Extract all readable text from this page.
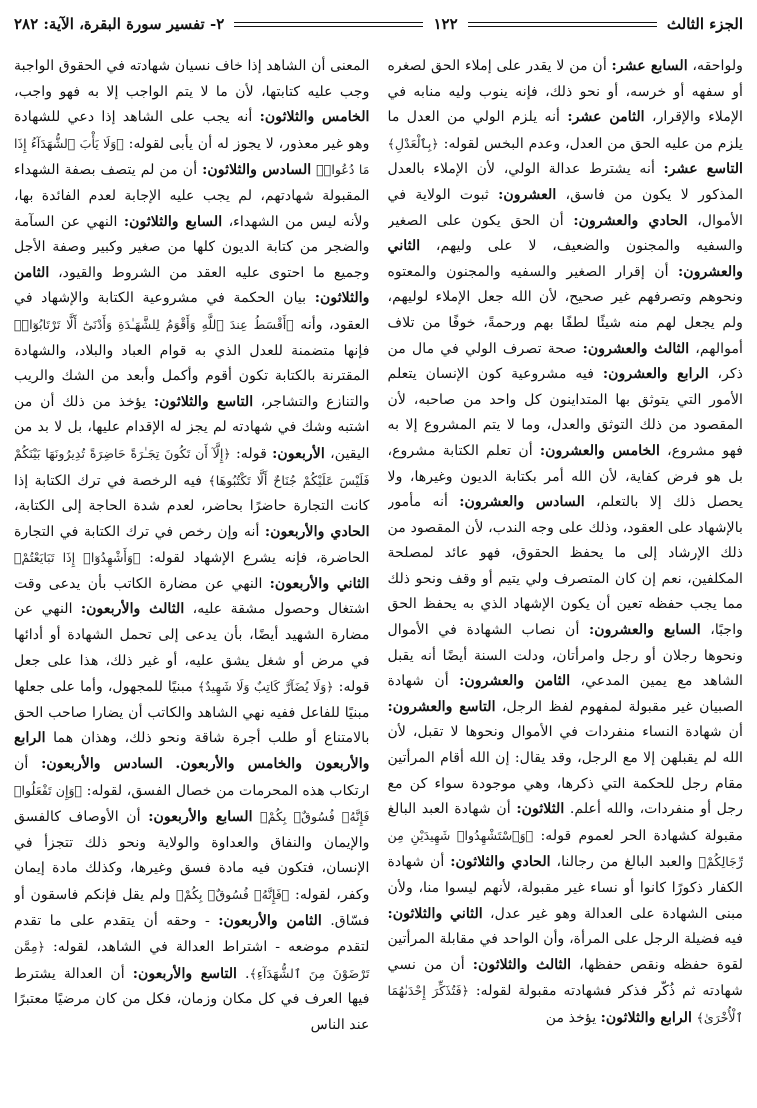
الجزء الثالث
١٢٢
٢- تفسير سورة البقرة، الآية: ٢٨٢

ولواحقه، السابع عشر: أن من لا يقدر على إملاء الحق لصغره أو سفهه أو خرسه، أو نحو ذلك، فإنه ينوب وليه منابه في الإملاء والإقرار، الثامن عشر: أنه يلزم الولي من العدل ما يلزم من عليه الحق من العدل، وعدم البخس لقوله: ﴿بِٱلْعَدْلِ﴾ التاسع عشر: أنه يشترط عدالة الولي، لأن الإملاء بالعدل المذكور لا يكون من فاسق، العشرون: ثبوت الولاية في الأموال، الحادي والعشرون: أن الحق يكون على الصغير والسفيه والمجنون والضعيف، لا على وليهم، الثاني والعشرون: أن إقرار الصغير والسفيه والمجنون والمعتوه ونحوهم وتصرفهم غير صحيح، لأن الله جعل الإملاء لوليهم، ولم يجعل لهم منه شيئًا لطفًا بهم ورحمةً، خوفًا من تلاف أموالهم، الثالث والعشرون: صحة تصرف الولي في مال من ذكر، الرابع والعشرون: فيه مشروعية كون الإنسان يتعلم الأمور التي يتوثق بها المتداينون كل واحد من صاحبه، لأن المقصود من ذلك التوثق والعدل، وما لا يتم المشروع إلا به فهو مشروع، الخامس والعشرون: أن تعلم الكتابة مشروع، بل هو فرض كفاية، لأن الله أمر بكتابة الديون وغيرها، ولا يحصل ذلك إلا بالتعلم، السادس والعشرون: أنه مأمور بالإشهاد على العقود، وذلك على وجه الندب، لأن المقصود من ذلك الإرشاد إلى ما يحفظ الحقوق، فهو عائد لمصلحة المكلفين، نعم إن كان المتصرف ولي يتيم أو وقف ونحو ذلك مما يجب حفظه تعين أن يكون الإشهاد الذي به يحفظ الحق واجبًا، السابع والعشرون: أن نصاب الشهادة في الأموال ونحوها رجلان أو رجل وامرأتان، ودلت السنة أيضًا أنه يقبل الشاهد مع يمين المدعي، الثامن والعشرون: أن شهادة الصبيان غير مقبولة لمفهوم لفظ الرجل، التاسع والعشرون: أن شهادة النساء منفردات في الأموال ونحوها لا تقبل، لأن الله لم يقبلهن إلا مع الرجل، وقد يقال: إن الله أقام المرأتين مقام رجل للحكمة التي ذكرها، وهي موجودة سواء كن مع رجل أو منفردات، والله أعلم. الثلاثون: أن شهادة العبد البالغ مقبولة كشهادة الحر لعموم قوله: ﴿وَٱسْتَشْهِدُوا۟ شَهِيدَيْنِ مِن رِّجَالِكُمْ﴾ والعبد البالغ من رجالنا، الحادي والثلاثون: أن شهادة الكفار ذكورًا كانوا أو نساء غير مقبولة، لأنهم ليسوا منا، ولأن مبنى الشهادة على العدالة وهو غير عدل، الثاني والثلاثون: فيه فضيلة الرجل على المرأة، وأن الواحد في مقابلة المرأتين لقوة حفظه ونقص حفظها، الثالث والثلاثون: أن من نسي شهادته ثم ذُكّر فذكر فشهادته مقبولة لقوله: ﴿فَتُذَكِّرَ إِحْدَىٰهُمَا ٱلْأُخْرَىٰ﴾ الرابع والثلاثون: يؤخذ من

المعنى أن الشاهد إذا خاف نسيان شهادته في الحقوق الواجبة وجب عليه كتابتها، لأن ما لا يتم الواجب إلا به فهو واجب، الخامس والثلاثون: أنه يجب على الشاهد إذا دعي للشهادة وهو غير معذور، لا يجوز له أن يأبى لقوله: ﴿وَلَا يَأْبَ ٱلشُّهَدَآءُ إِذَا مَا دُعُوا۟﴾ السادس والثلاثون: أن من لم يتصف بصفة الشهداء المقبولة شهادتهم، لم يجب عليه الإجابة لعدم الفائدة بها، ولأنه ليس من الشهداء، السابع والثلاثون: النهي عن السآمة والضجر من كتابة الديون كلها من صغير وكبير وصفة الأجل وجميع ما احتوى عليه العقد من الشروط والقيود، الثامن والثلاثون: بيان الحكمة في مشروعية الكتابة والإشهاد في العقود، وأنه ﴿أَقْسَطُ عِندَ ٱللَّهِ وَأَقْوَمُ لِلشَّهَـٰدَةِ وَأَدْنَىٰٓ أَلَّا تَرْتَابُوٓا۟﴾ فإنها متضمنة للعدل الذي به قوام العباد والبلاد، والشهادة المقترنة بالكتابة تكون أقوم وأكمل وأبعد من الشك والريب والتنازع والتشاجر، التاسع والثلاثون: يؤخذ من ذلك أن من اشتبه وشك في شهادته لم يجز له الإقدام عليها، بل لا بد من اليقين، الأربعون: قوله: ﴿إِلَّآ أَن تَكُونَ تِجَـٰرَةً حَاضِرَةً تُدِيرُونَهَا بَيْنَكُمْ فَلَيْسَ عَلَيْكُمْ جُنَاحٌ أَلَّا تَكْتُبُوهَا﴾ فيه الرخصة في ترك الكتابة إذا كانت التجارة حاضرًا بحاضر، لعدم شدة الحاجة إلى الكتابة، الحادي والأربعون: أنه وإن رخص في ترك الكتابة في التجارة الحاضرة، فإنه يشرع الإشهاد لقوله: ﴿وَأَشْهِدُوٓا۟ إِذَا تَبَايَعْتُمْ﴾ الثاني والأربعون: النهي عن مضارة الكاتب بأن يدعى وقت اشتغال وحصول مشقة عليه، الثالث والأربعون: النهي عن مضارة الشهيد أيضًا، بأن يدعى إلى تحمل الشهادة أو أدائها في مرض أو شغل يشق عليه، أو غير ذلك، هذا على جعل قوله: ﴿وَلَا يُضَآرَّ كَاتِبٌ وَلَا شَهِيدٌ﴾ مبنيًا للمجهول، وأما على جعلها مبنيًا للفاعل ففيه نهي الشاهد والكاتب أن يضارا صاحب الحق بالامتناع أو طلب أجرة شاقة ونحو ذلك، وهذان هما الرابع والأربعون والخامس والأربعون. السادس والأربعون: أن ارتكاب هذه المحرمات من خصال الفسق، لقوله: ﴿وَإِن تَفْعَلُوا۟ فَإِنَّهُۥ فُسُوقٌۢ بِكُمْ﴾ السابع والأربعون: أن الأوصاف كالفسق والإيمان والنفاق والعداوة والولاية ونحو ذلك تتجزأ في الإنسان، فتكون فيه مادة فسق وغيرها، وكذلك مادة إيمان وكفر، لقوله: ﴿فَإِنَّهُۥ فُسُوقٌۢ بِكُمْ﴾ ولم يقل فإنكم فاسقون أو فسّاق. الثامن والأربعون: - وحقه أن يتقدم على ما تقدم لتقدم موضعه - اشتراط العدالة في الشاهد، لقوله: ﴿مِمَّن تَرْضَوْنَ مِنَ ٱلشُّهَدَآءِ﴾. التاسع والأربعون: أن العدالة يشترط فيها العرف في كل مكان وزمان، فكل من كان مرضيًا معتبرًا عند الناس
